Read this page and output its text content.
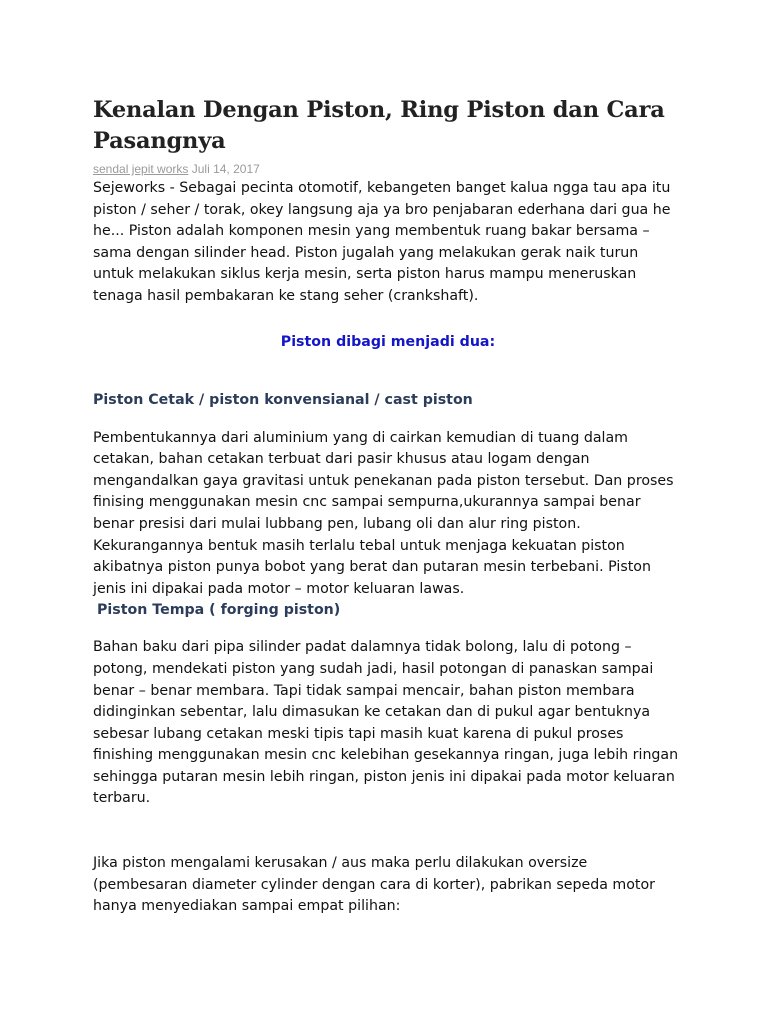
Kenalan Dengan Piston, Ring Piston dan Cara Pasangnya
sendal jepit works Juli 14, 2017

Sejeworks - Sebagai pecinta otomotif, kebangeten banget kalua ngga tau apa itu piston / seher / torak, okey langsung aja ya bro penjabaran ederhana dari gua he he... Piston adalah komponen mesin yang membentuk ruang bakar bersama – sama dengan silinder head. Piston jugalah yang melakukan gerak naik turun untuk melakukan siklus kerja mesin, serta piston harus mampu meneruskan tenaga hasil pembakaran ke stang seher (crankshaft).

Piston dibagi menjadi dua:
Piston Cetak / piston konvensianal / cast piston

Pembentukannya dari aluminium yang di cairkan kemudian di tuang dalam cetakan, bahan cetakan terbuat dari pasir khusus atau logam dengan mengandalkan gaya gravitasi untuk penekanan pada piston tersebut. Dan proses finising menggunakan mesin cnc sampai sempurna,ukurannya sampai benar benar presisi dari mulai lubbang pen, lubang oli dan alur ring piston. Kekurangannya bentuk masih terlalu tebal untuk menjaga kekuatan piston akibatnya piston punya bobot yang berat dan putaran mesin terbebani. Piston jenis ini dipakai pada motor – motor keluaran lawas.

Piston Tempa ( forging piston)

Bahan baku dari pipa silinder padat dalamnya tidak bolong, lalu di potong – potong, mendekati piston yang sudah jadi, hasil potongan di panaskan sampai benar – benar membara. Tapi tidak sampai mencair, bahan piston membara didinginkan sebentar, lalu dimasukan ke cetakan dan di pukul agar bentuknya sebesar lubang cetakan meski tipis tapi masih kuat karena di pukul proses finishing menggunakan mesin cnc kelebihan gesekannya ringan, juga lebih ringan sehingga putaran mesin lebih ringan, piston jenis ini dipakai pada motor keluaran terbaru.

Jika piston mengalami kerusakan / aus maka perlu dilakukan oversize (pembesaran diameter cylinder dengan cara di korter), pabrikan sepeda motor hanya menyediakan sampai empat pilihan:
